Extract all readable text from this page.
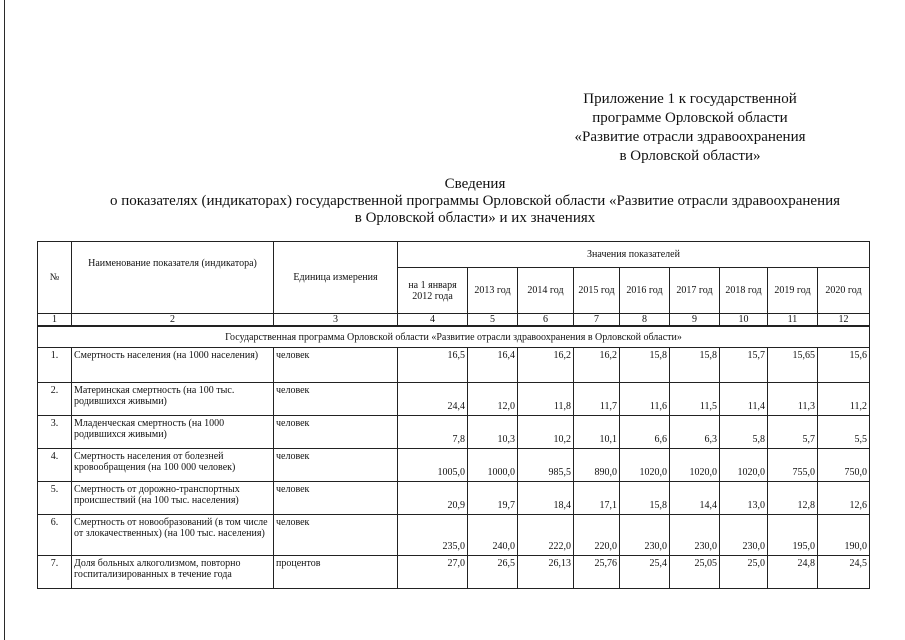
Приложение 1 к государственной
программе Орловской области
«Развитие отрасли здравоохранения
в Орловской области»
Сведения
о показателях (индикаторах) государственной программы Орловской области «Развитие отрасли здравоохранения
в Орловской области» и их значениях
№	Наименование показателя (индикатора)	Единица измерения	Значения показателей								
			на 1 января 2012 года	2013 год	2014 год	2015 год	2016 год	2017 год	2018 год	2019 год	2020 год
1	2	3	4	5	6	7	8	9	10	11	12
Государственная программа Орловской области «Развитие отрасли здравоохранения в Орловской области»											
1.	Смертность населения (на 1000 населения)	человек	16,5	16,4	16,2	16,2	15,8	15,8	15,7	15,65	15,6
2.	Материнская смертность (на 100 тыс. родившихся живыми)	человек	24,4	12,0	11,8	11,7	11,6	11,5	11,4	11,3	11,2
3.	Младенческая смертность (на 1000 родившихся живыми)	человек	7,8	10,3	10,2	10,1	6,6	6,3	5,8	5,7	5,5
4.	Смертность населения от болезней кровообращения (на 100 000 человек)	человек	1005,0	1000,0	985,5	890,0	1020,0	1020,0	1020,0	755,0	750,0
5.	Смертность от дорожно-транспортных происшествий (на 100 тыс. населения)	человек	20,9	19,7	18,4	17,1	15,8	14,4	13,0	12,8	12,6
6.	Смертность от новообразований (в том числе от злокачественных) (на 100 тыс. населения)	человек	235,0	240,0	222,0	220,0	230,0	230,0	230,0	195,0	190,0
7.	Доля больных алкоголизмом, повторно госпитализированных в течение года	процентов	27,0	26,5	26,13	25,76	25,4	25,05	25,0	24,8	24,5
